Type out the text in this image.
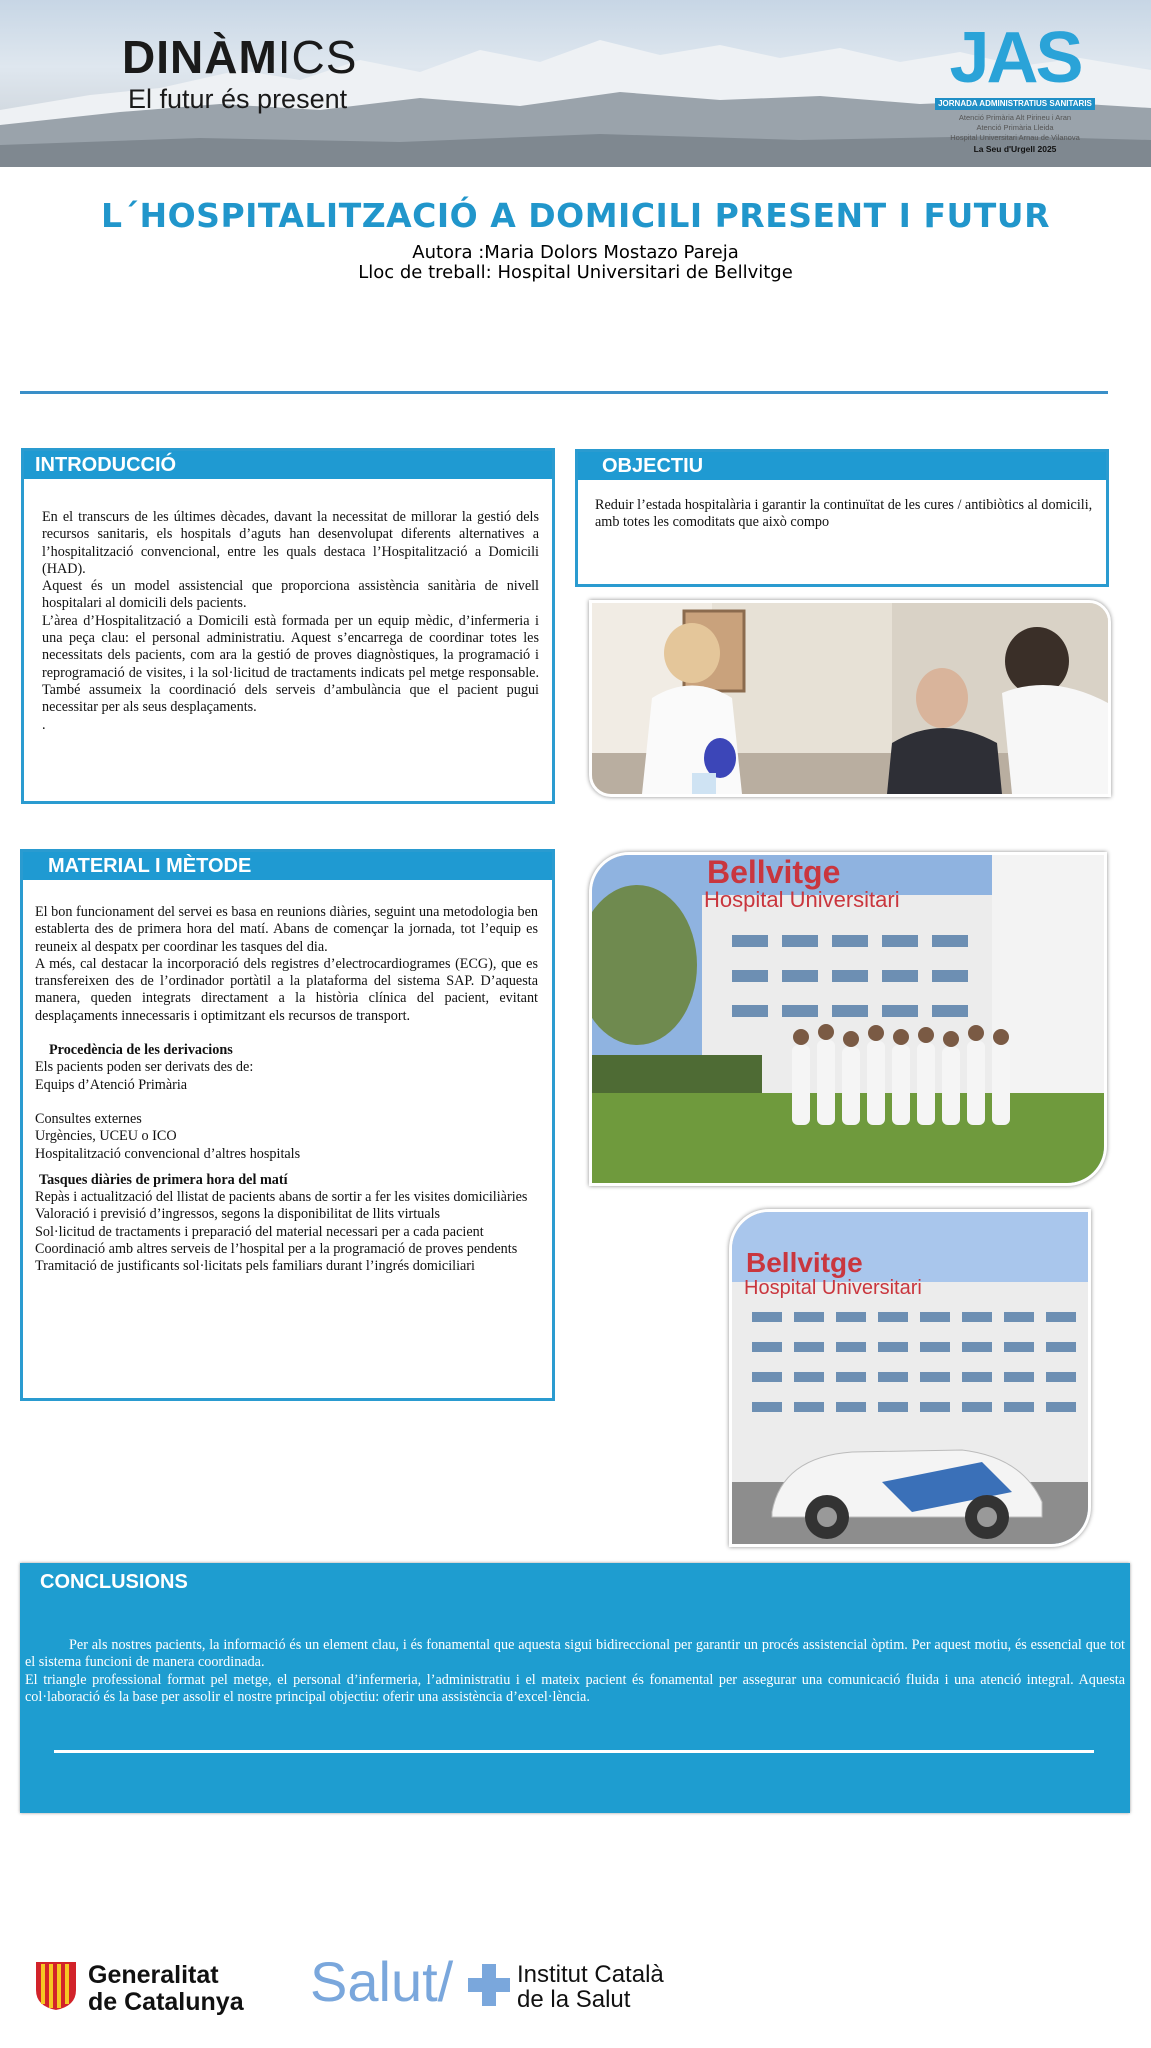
DINÀMICS
El futur és present
JAS
JORNADA ADMINISTRATIUS SANITARIS
Atenció Primària Alt Pirineu i Aran
Atenció Primària Lleida
Hospital Universitari Arnau de Vilanova
La Seu d'Urgell 2025
L´HOSPITALITZACIÓ A DOMICILI PRESENT I FUTUR
Autora :Maria Dolors Mostazo Pareja
Lloc de treball: Hospital Universitari de Bellvitge
INTRODUCCIÓ

En el transcurs de les últimes dècades, davant la necessitat de millorar la gestió dels recursos sanitaris, els hospitals d’aguts han desenvolupat diferents alternatives a l’hospitalització convencional, entre les quals destaca l’Hospitalització a Domicili (HAD).

Aquest és un model assistencial que proporciona assistència sanitària de nivell hospitalari al domicili dels pacients.

L’àrea d’Hospitalització a Domicili està formada per un equip mèdic, d’infermeria i una peça clau: el personal administratiu. Aquest s’encarrega de coordinar totes les necessitats dels pacients, com ara la gestió de proves diagnòstiques, la programació i reprogramació de visites, i la sol·licitud de tractaments indicats pel metge responsable. També assumeix la coordinació dels serveis d’ambulància que el pacient pugui necessitar per als seus desplaçaments.

.

OBJECTIU
Reduir l’estada hospitalària i garantir la continuïtat de les cures / antibiòtics al domicili, amb totes les comoditats que això compo
MATERIAL I MÈTODE

El bon funcionament del servei es basa en reunions diàries, seguint una metodologia ben establerta des de primera hora del matí. Abans de començar la jornada, tot l’equip es reuneix al despatx per coordinar les tasques del dia.

A més, cal destacar la incorporació dels registres d’electrocardiogrames (ECG), que es transfereixen des de l’ordinador portàtil a la plataforma del sistema SAP. D’aquesta manera, queden integrats directament a la història clínica del pacient, evitant desplaçaments innecessaris i optimitzant els recursos de transport.

Procedència de les derivacions

Els pacients poden ser derivats des de:

Equips d’Atenció Primària

Consultes externes

Urgències, UCEU o ICO

Hospitalització convencional d’altres hospitals

Tasques diàries de primera hora del matí

Repàs i actualització del llistat de pacients abans de sortir a fer les visites domiciliàries

Valoració i previsió d’ingressos, segons la disponibilitat de llits virtuals

Sol·licitud de tractaments i preparació del material necessari per a cada pacient

Coordinació amb altres serveis de l’hospital per a la programació de proves pendents

Tramitació de justificants sol·licitats pels familiars durant l’ingrés domiciliari

Bellvitge
Hospital Universitari
Bellvitge
Hospital Universitari
CONCLUSIONS

Per als nostres pacients, la informació és un element clau, i és fonamental que aquesta sigui bidireccional per garantir un procés assistencial òptim. Per aquest motiu, és essencial que tot el sistema funcioni de manera coordinada.

El triangle professional format pel metge, el personal d’infermeria, l’administratiu i el mateix pacient és fonamental per assegurar una comunicació fluida i una atenció integral. Aquesta col·laboració és la base per assolir el nostre principal objectiu: oferir una assistència d’excel·lència.

Generalitat
de Catalunya Salut/	Institut Català
de la Salut
